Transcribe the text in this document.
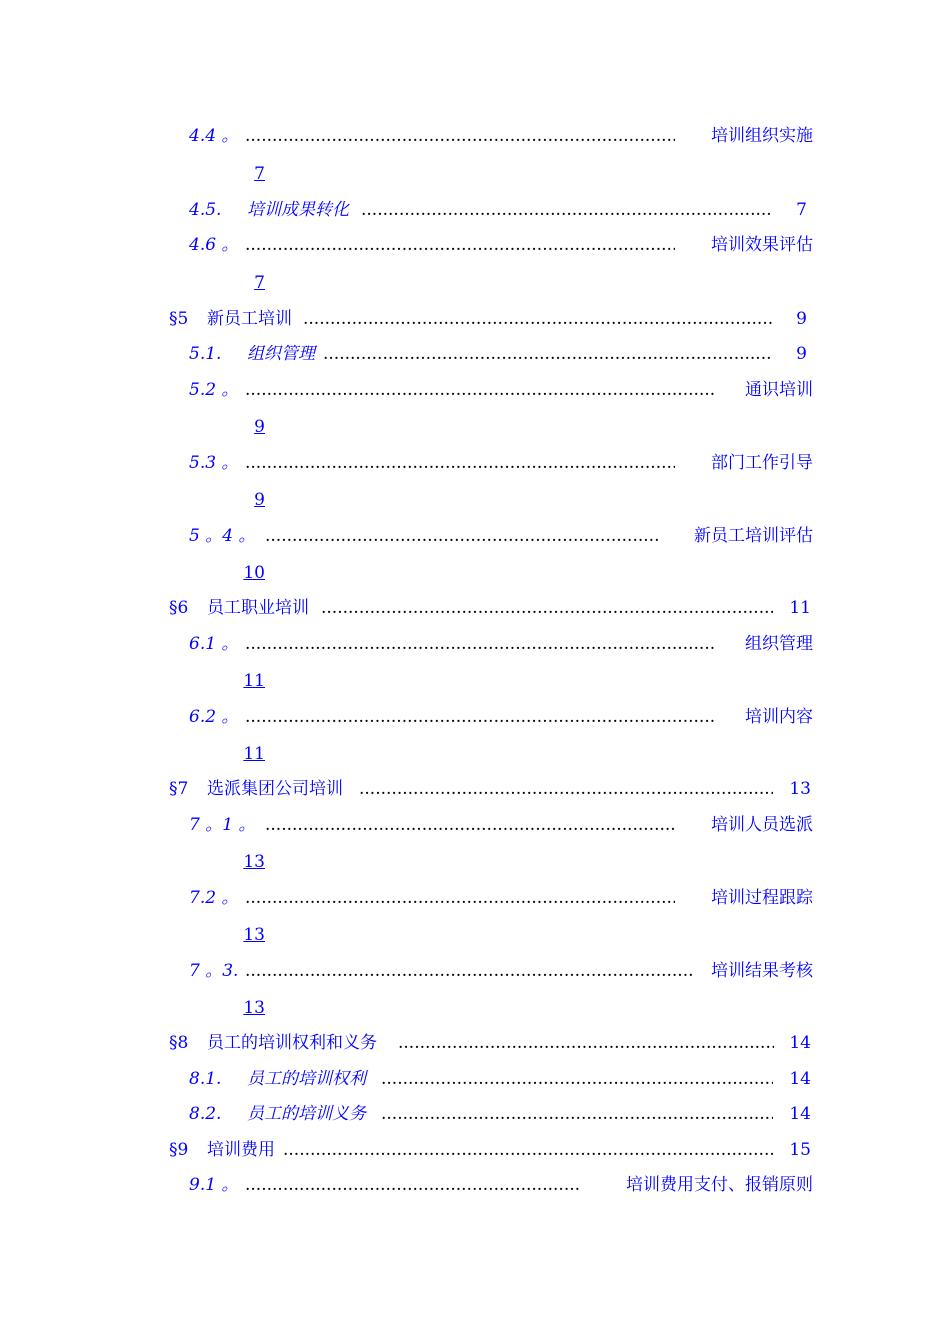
4.4 。 .....	培训组织实施
7
4.5. 培训成果转化 .....	7
4.6 。 .....	培训效果评估
7
§5 新员工培训 .....	9
5.1. 组织管理 .....	9
5.2 。 .....	通识培训
9
5.3 。 .....	部门工作引导
9
5 。4 。 .....	新员工培训评估
10
§6 员工职业培训 .....	11
6.1 。 .....	组织管理
11
6.2 。 .....	培训内容
11
§7 选派集团公司培训 .....	13
7 。1 。 .....	培训人员选派
13
7.2 。 .....	培训过程跟踪
13
7 。3. .....	培训结果考核
13
§8 员工的培训权利和义务 .....	14
8.1. 员工的培训权利 .....	14
8.2. 员工的培训义务 .....	14
§9 培训费用 .....	15
9.1 。 .....	培训费用支付、报销原则
